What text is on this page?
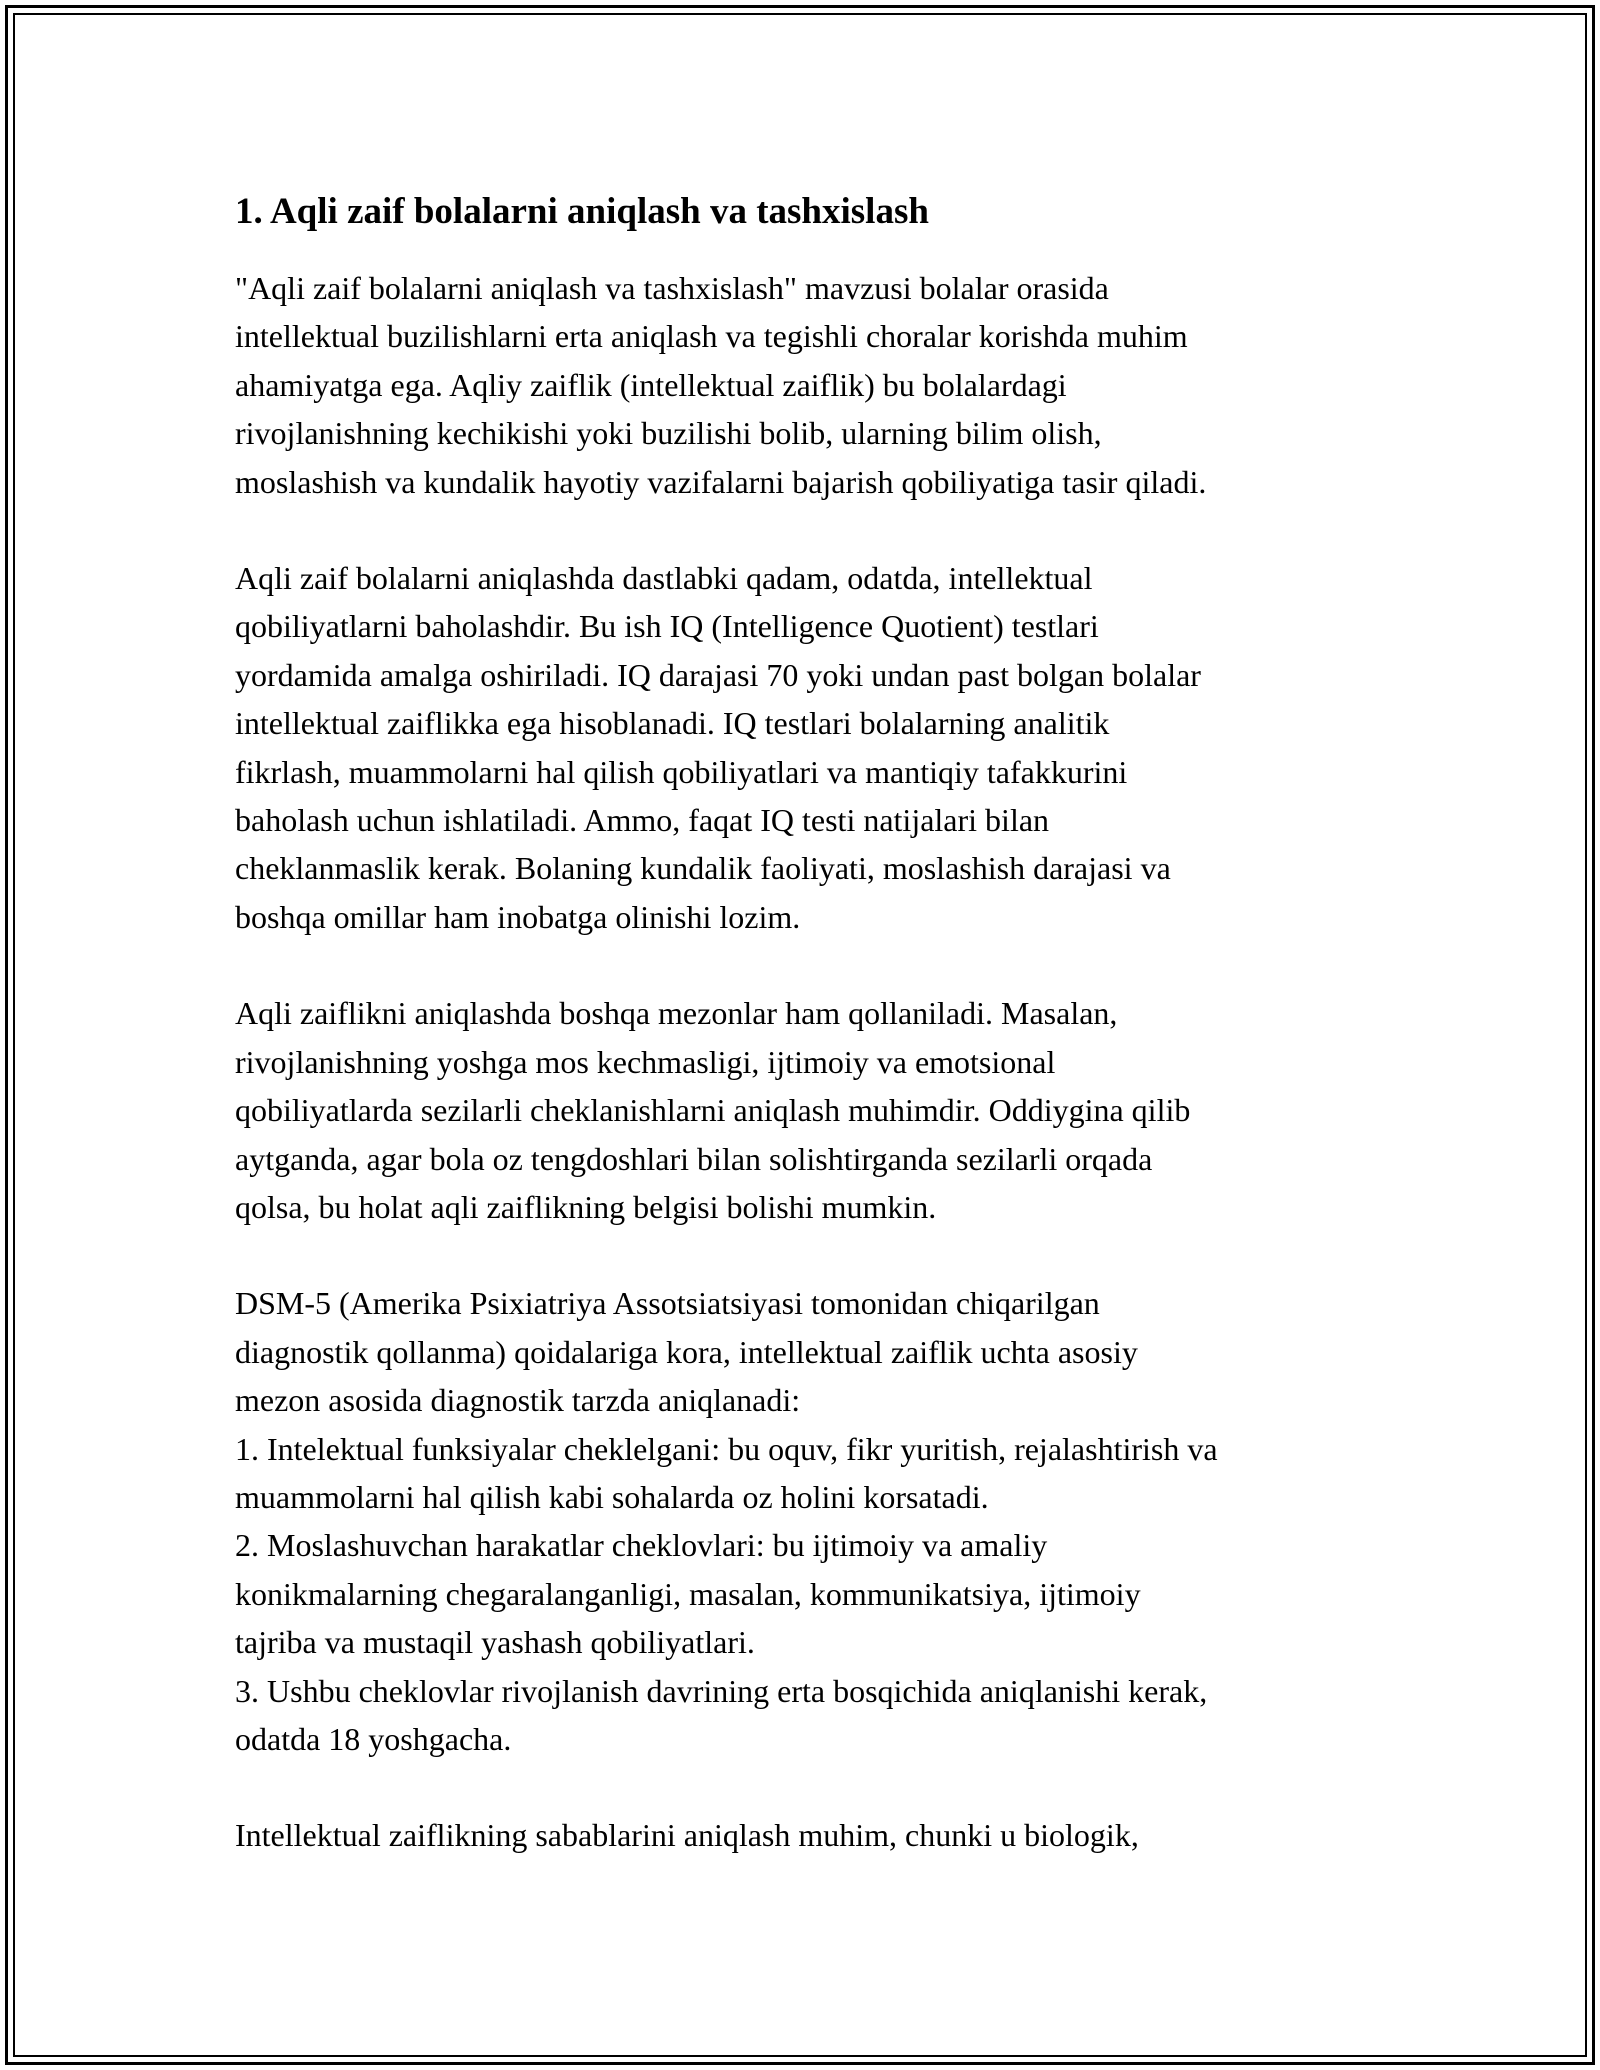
1. Aqli zaif bolalarni aniqlash va tashxislash

"Aqli zaif bolalarni aniqlash va tashxislash" mavzusi bolalar orasida
intellektual buzilishlarni erta aniqlash va tegishli choralar korishda muhim
ahamiyatga ega. Aqliy zaiflik (intellektual zaiflik) bu bolalardagi
rivojlanishning kechikishi yoki buzilishi bolib, ularning bilim olish,
moslashish va kundalik hayotiy vazifalarni bajarish qobiliyatiga tasir qiladi.

Aqli zaif bolalarni aniqlashda dastlabki qadam, odatda, intellektual
qobiliyatlarni baholashdir. Bu ish IQ (Intelligence Quotient) testlari
yordamida amalga oshiriladi. IQ darajasi 70 yoki undan past bolgan bolalar
intellektual zaiflikka ega hisoblanadi. IQ testlari bolalarning analitik
fikrlash, muammolarni hal qilish qobiliyatlari va mantiqiy tafakkurini
baholash uchun ishlatiladi. Ammo, faqat IQ testi natijalari bilan
cheklanmaslik kerak. Bolaning kundalik faoliyati, moslashish darajasi va
boshqa omillar ham inobatga olinishi lozim.

Aqli zaiflikni aniqlashda boshqa mezonlar ham qollaniladi. Masalan,
rivojlanishning yoshga mos kechmasligi, ijtimoiy va emotsional
qobiliyatlarda sezilarli cheklanishlarni aniqlash muhimdir. Oddiygina qilib
aytganda, agar bola oz tengdoshlari bilan solishtirganda sezilarli orqada
qolsa, bu holat aqli zaiflikning belgisi bolishi mumkin.

DSM-5 (Amerika Psixiatriya Assotsiatsiyasi tomonidan chiqarilgan
diagnostik qollanma) qoidalariga kora, intellektual zaiflik uchta asosiy
mezon asosida diagnostik tarzda aniqlanadi:
1. Intelektual funksiyalar cheklelgani: bu oquv, fikr yuritish, rejalashtirish va
muammolarni hal qilish kabi sohalarda oz holini korsatadi.
2. Moslashuvchan harakatlar cheklovlari: bu ijtimoiy va amaliy
konikmalarning chegaralanganligi, masalan, kommunikatsiya, ijtimoiy
tajriba va mustaqil yashash qobiliyatlari.
3. Ushbu cheklovlar rivojlanish davrining erta bosqichida aniqlanishi kerak,
odatda 18 yoshgacha.

Intellektual zaiflikning sabablarini aniqlash muhim, chunki u biologik,
